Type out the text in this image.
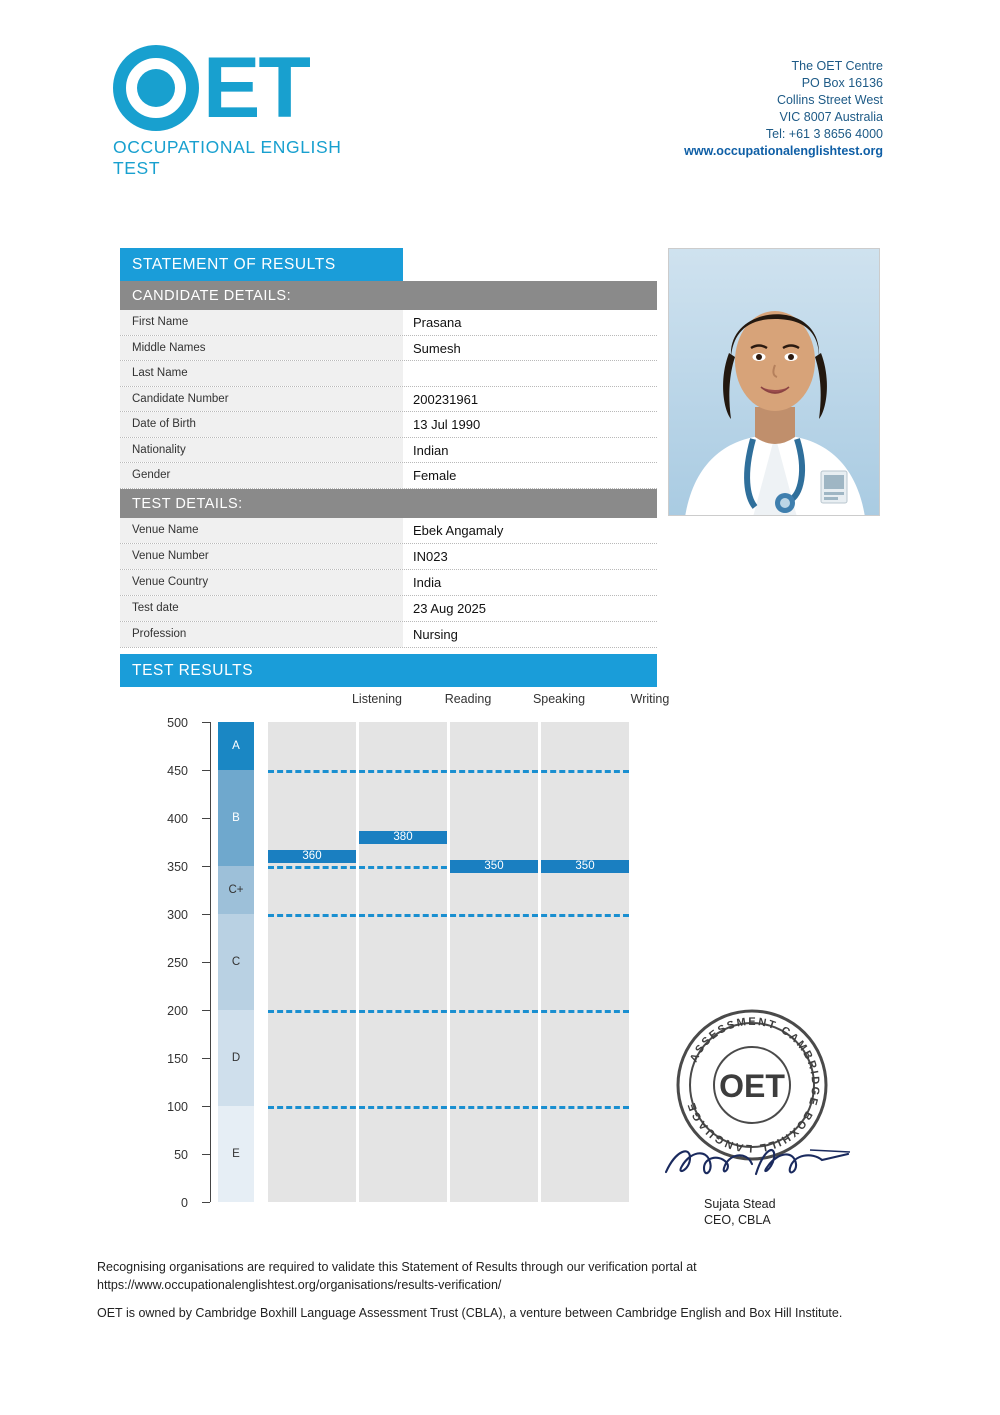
ET
OCCUPATIONAL ENGLISH TEST
The OET Centre
PO Box 16136
Collins Street West
VIC 8007 Australia
Tel: +61 3 8656 4000
www.occupationalenglishtest.org
STATEMENT OF RESULTS
CANDIDATE DETAILS:
First Name	Prasana
Middle Names	Sumesh
Last Name
Candidate Number	200231961
Date of Birth	13 Jul 1990
Nationality	Indian
Gender	Female
TEST DETAILS:
Venue Name	Ebek Angamaly
Venue Number	IN023
Venue Country	India
Test date	23 Aug 2025
Profession	Nursing
TEST RESULTS
Listening	Reading	Speaking	Writing
500
450
400
350
300
250
200
150
100
50
0
A
B
C+
C
D
E
360
380
350	350
ASSESSMENT CAMBRIDGE BOXHILL LANGUAGE
OET
Sujata Stead
CEO, CBLA

Recognising organisations are required to validate this Statement of Results through our verification portal at
https://www.occupationalenglishtest.org/organisations/results-verification/

OET is owned by Cambridge Boxhill Language Assessment Trust (CBLA), a venture between Cambridge English and Box Hill Institute.
